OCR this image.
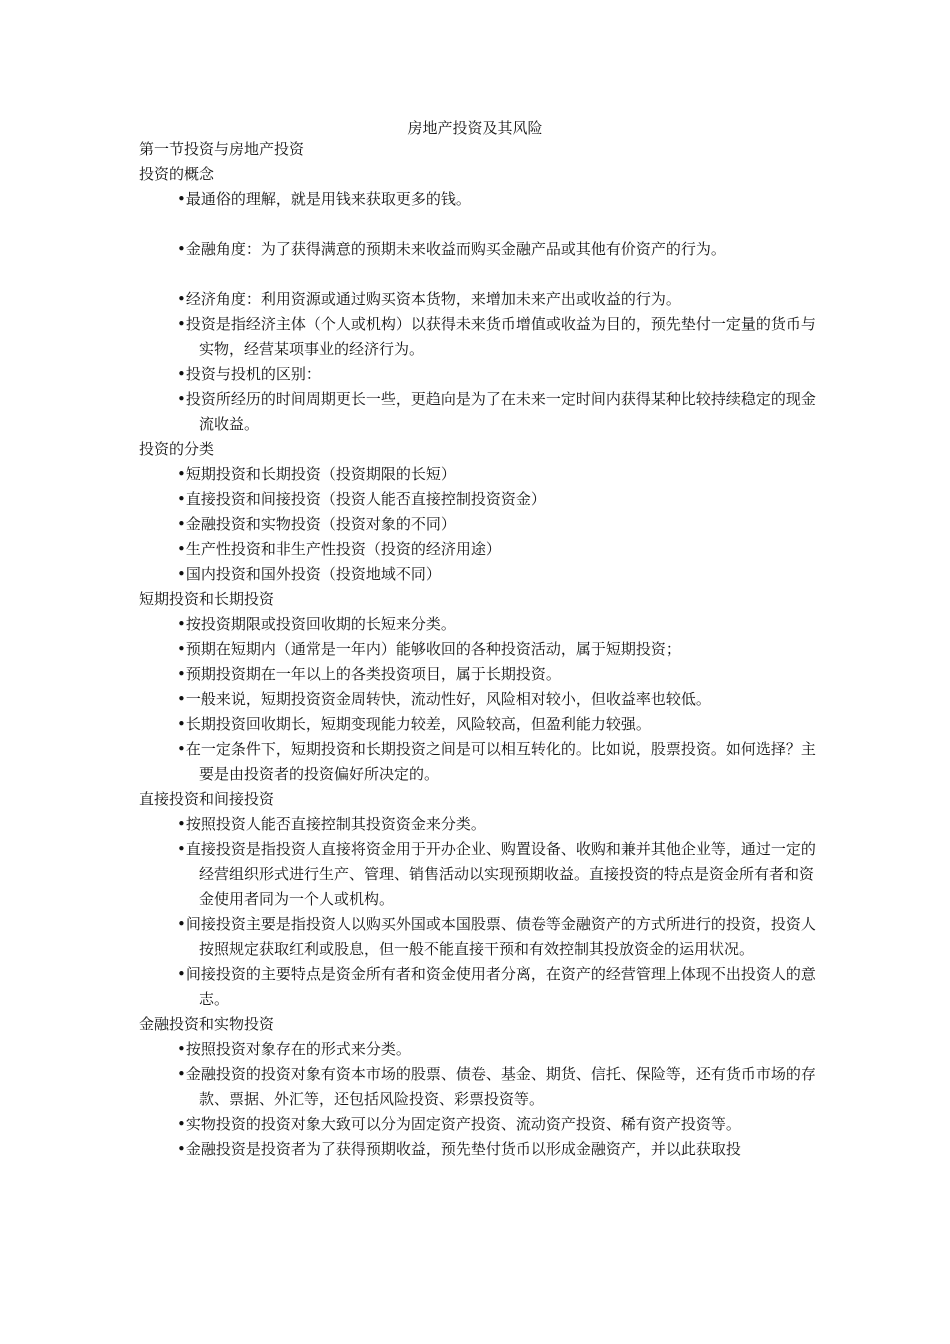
房地产投资及其风险
第一节投资与房地产投资
投资的概念
•最通俗的理解，就是用钱来获取更多的钱。
•金融角度：为了获得满意的预期未来收益而购买金融产品或其他有价资产的行为。
•经济角度：利用资源或通过购买资本货物，来增加未来产出或收益的行为。
•投资是指经济主体（个人或机构）以获得未来货币增值或收益为目的，预先垫付一定量的货币与实物，经营某项事业的经济行为。
•投资与投机的区别：
•投资所经历的时间周期更长一些，更趋向是为了在未来一定时间内获得某种比较持续稳定的现金流收益。
投资的分类
•短期投资和长期投资（投资期限的长短）
•直接投资和间接投资（投资人能否直接控制投资资金）
•金融投资和实物投资（投资对象的不同）
•生产性投资和非生产性投资（投资的经济用途）
•国内投资和国外投资（投资地域不同）
短期投资和长期投资
•按投资期限或投资回收期的长短来分类。
•预期在短期内（通常是一年内）能够收回的各种投资活动，属于短期投资；
•预期投资期在一年以上的各类投资项目，属于长期投资。
•一般来说，短期投资资金周转快，流动性好，风险相对较小，但收益率也较低。
•长期投资回收期长，短期变现能力较差，风险较高，但盈利能力较强。
•在一定条件下，短期投资和长期投资之间是可以相互转化的。比如说，股票投资。如何选择？主要是由投资者的投资偏好所决定的。
直接投资和间接投资
•按照投资人能否直接控制其投资资金来分类。
•直接投资是指投资人直接将资金用于开办企业、购置设备、收购和兼并其他企业等，通过一定的经营组织形式进行生产、管理、销售活动以实现预期收益。直接投资的特点是资金所有者和资金使用者同为一个人或机构。
•间接投资主要是指投资人以购买外国或本国股票、债卷等金融资产的方式所进行的投资，投资人按照规定获取红利或股息，但一般不能直接干预和有效控制其投放资金的运用状况。
•间接投资的主要特点是资金所有者和资金使用者分离，在资产的经营管理上体现不出投资人的意志。
金融投资和实物投资
•按照投资对象存在的形式来分类。
•金融投资的投资对象有资本市场的股票、债卷、基金、期货、信托、保险等，还有货币市场的存款、票据、外汇等，还包括风险投资、彩票投资等。
•实物投资的投资对象大致可以分为固定资产投资、流动资产投资、稀有资产投资等。
•金融投资是投资者为了获得预期收益，预先垫付货币以形成金融资产，并以此获取投
